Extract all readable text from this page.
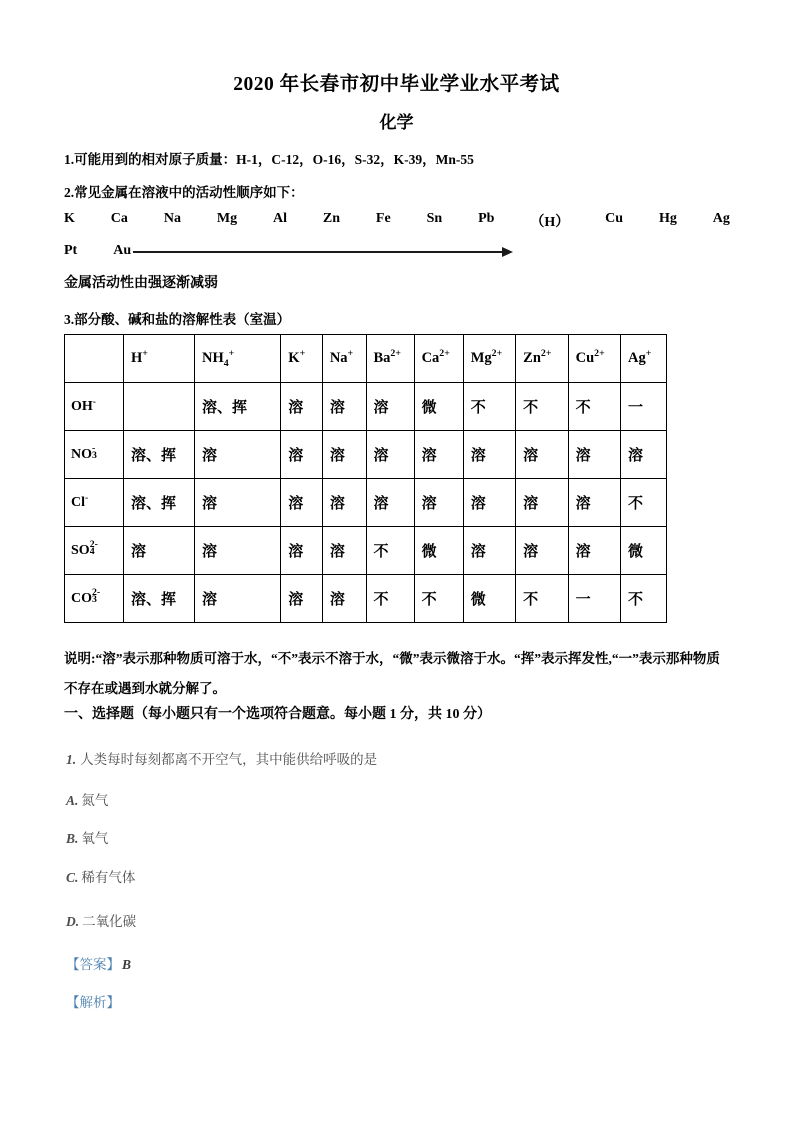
2020 年长春市初中毕业学业水平考试
化学
1.可能用到的相对原子质量：H-1，C-12，O-16，S-32，K-39，Mn-55
2.常见金属在溶液中的活动性顺序如下：
K	Ca	Na	Mg	Al	Zn	Fe	Sn	Pb	（H）	Cu	Hg	Ag
Pt	Au
金属活动性由强逐渐减弱
3.部分酸、碱和盐的溶解性表（室温）
	H+	$NH_4^+$	K+	Na+	$Ba^{2+}$	$Ca^{2+}$	$Mg^{2+}$	$Zn^{2+}$	$Cu^{2+}$	Ag+
OH-		溶、挥	溶	溶	溶	微	不	不	不	一
NO -
3	溶、挥	溶	溶	溶	溶	溶	溶	溶	溶	溶
Cl-	溶、挥	溶	溶	溶	溶	溶	溶	溶	溶	不
SO 2-
4	溶	溶	溶	溶	不	微	溶	溶	溶	微
CO 2-
3	溶、挥	溶	溶	溶	不	不	微	不	一	不
说明:“溶”表示那种物质可溶于水，“不”表示不溶于水，“微”表示微溶于水。“挥”表示挥发性,“一”表示那种物质不存在或遇到水就分解了。
一、选择题（每小题只有一个选项符合题意。每小题 1 分，共 10 分）
1. 人类每时每刻都离不开空气，其中能供给呼吸的是
A. 氮气
B. 氧气
C. 稀有气体
D. 二氧化碳
【答案】 B
【解析】
